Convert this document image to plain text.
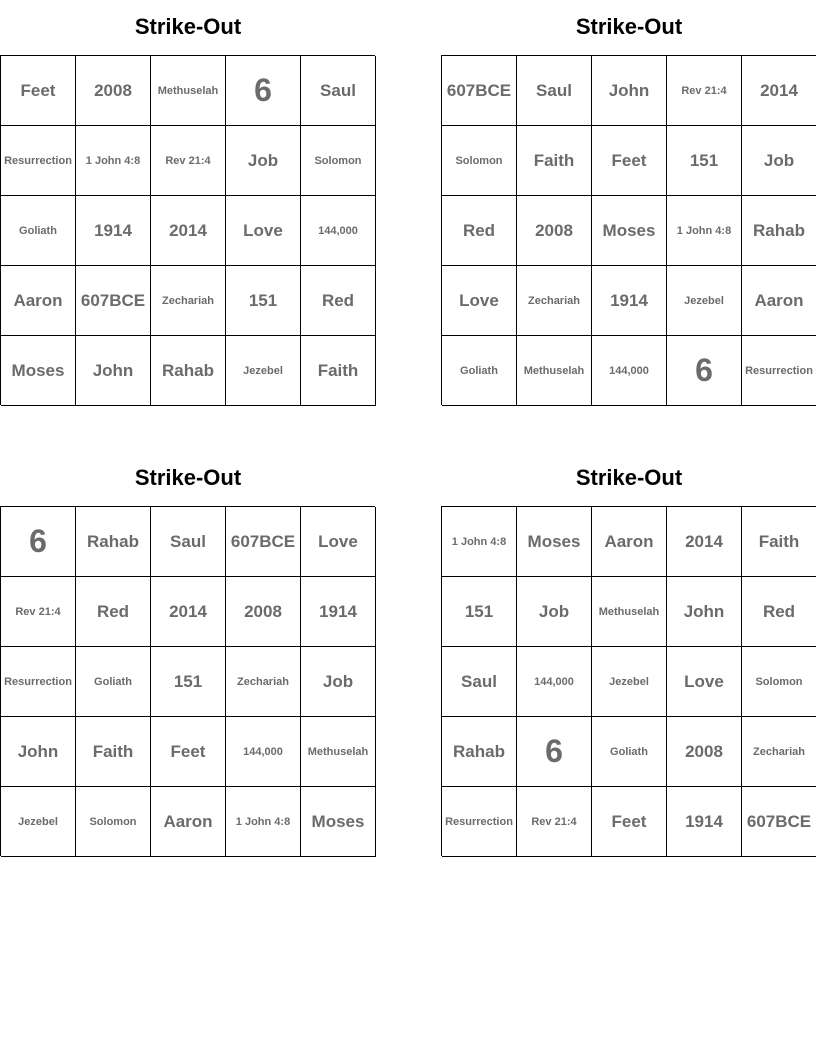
Strike-Out
Feet	2008	Methuselah	6	Saul
Resurrection	1 John 4:8	Rev 21:4	Job	Solomon
Goliath	1914	2014	Love	144,000
Aaron	607BCE	Zechariah	151	Red
Moses	John	Rahab	Jezebel	Faith
Strike-Out
607BCE	Saul	John	Rev 21:4	2014
Solomon	Faith	Feet	151	Job
Red	2008	Moses	1 John 4:8	Rahab
Love	Zechariah	1914	Jezebel	Aaron
Goliath	Methuselah	144,000	6	Resurrection
Strike-Out
6	Rahab	Saul	607BCE	Love
Rev 21:4	Red	2014	2008	1914
Resurrection	Goliath	151	Zechariah	Job
John	Faith	Feet	144,000	Methuselah
Jezebel	Solomon	Aaron	1 John 4:8	Moses
Strike-Out
1 John 4:8	Moses	Aaron	2014	Faith
151	Job	Methuselah	John	Red
Saul	144,000	Jezebel	Love	Solomon
Rahab	6	Goliath	2008	Zechariah
Resurrection	Rev 21:4	Feet	1914	607BCE
